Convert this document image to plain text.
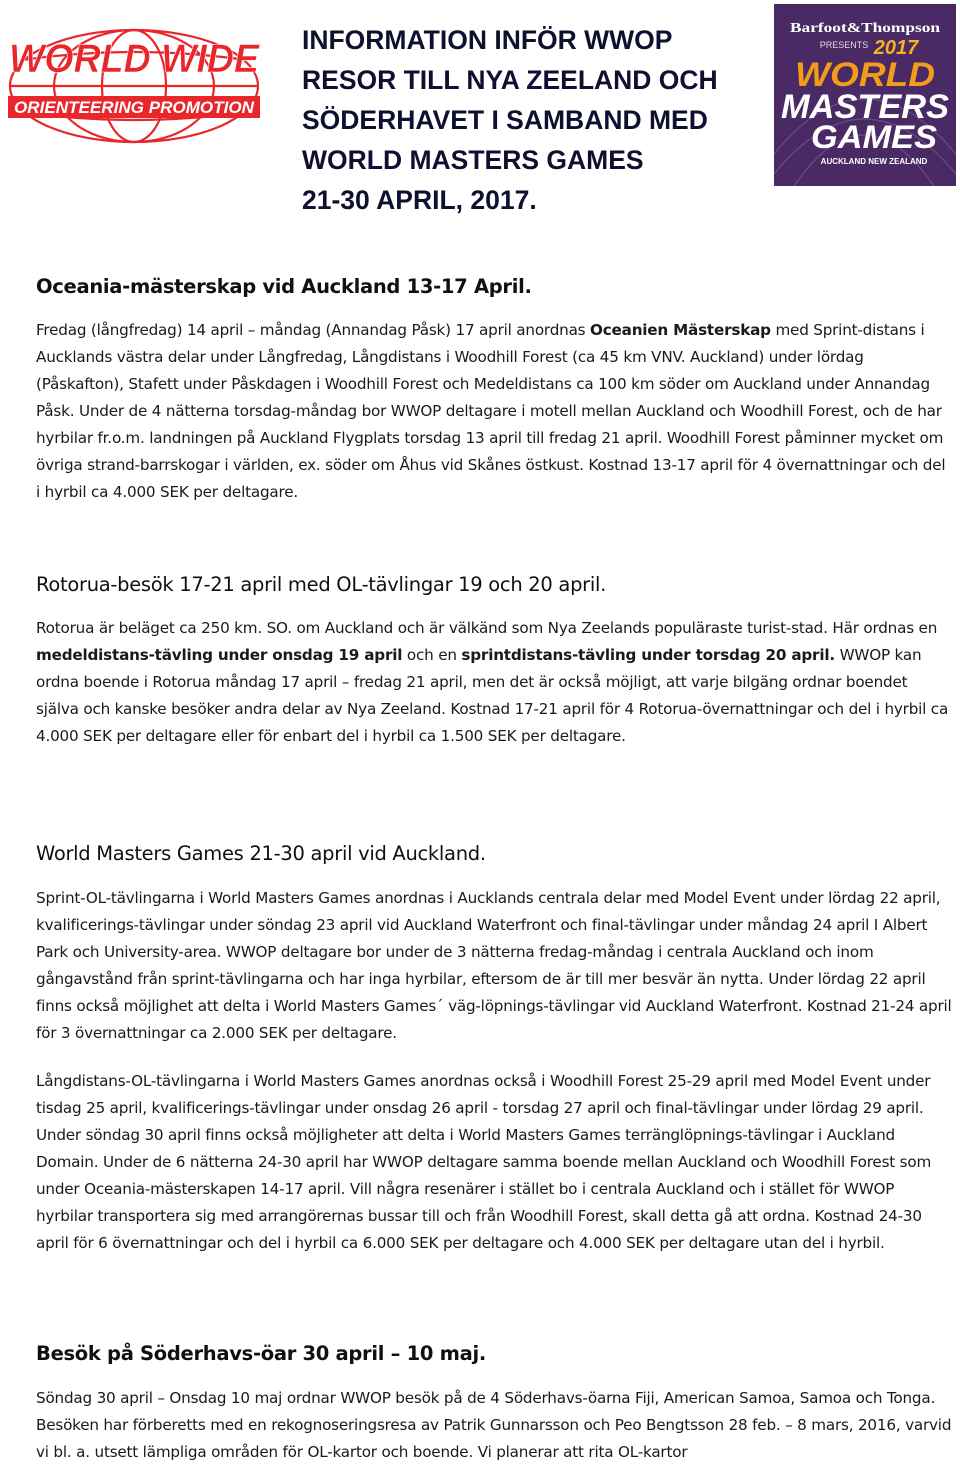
WORLD WIDE
ORIENTEERING PROMOTION
INFORMATION INFÖR WWOP
RESOR TILL NYA ZEELAND OCH
SÖDERHAVET I SAMBAND MED
WORLD MASTERS GAMES
21-30 APRIL, 2017.
Barfoot&Thompson
PRESENTS 2017
WORLD
MASTERS
GAMES
AUCKLAND NEW ZEALAND
Oceania-mästerskap vid Auckland 13-17 April.

Fredag (långfredag) 14 april – måndag (Annandag Påsk) 17 april anordnas Oceanien Mästerskap med Sprint-distans i Aucklands västra delar under Långfredag, Långdistans i Woodhill Forest (ca 45 km VNV. Auckland) under lördag (Påskafton), Stafett under Påskdagen i Woodhill Forest och Medeldistans ca 100 km söder om Auckland under Annandag Påsk. Under de 4 nätterna torsdag-måndag bor WWOP deltagare i motell mellan Auckland och Woodhill Forest, och de har hyrbilar fr.o.m. landningen på Auckland Flygplats torsdag 13 april till fredag 21 april. Woodhill Forest påminner mycket om övriga strand-barrskogar i världen, ex. söder om Åhus vid Skånes östkust. Kostnad 13-17 april för 4 övernattningar och del i hyrbil ca 4.000 SEK per deltagare.

Rotorua-besök 17-21 april med OL-tävlingar 19 och 20 april.

Rotorua är beläget ca 250 km. SO. om Auckland och är välkänd som Nya Zeelands populäraste turist-stad. Här ordnas en medeldistans-tävling under onsdag 19 april och en sprintdistans-tävling under torsdag 20 april. WWOP kan ordna boende i Rotorua måndag 17 april – fredag 21 april, men det är också möjligt, att varje bilgäng ordnar boendet själva och kanske besöker andra delar av Nya Zeeland. Kostnad 17-21 april för 4 Rotorua-övernattningar och del i hyrbil ca 4.000 SEK per deltagare eller för enbart del i hyrbil ca 1.500 SEK per deltagare.

World Masters Games 21-30 april vid Auckland.

Sprint-OL-tävlingarna i World Masters Games anordnas i Aucklands centrala delar med Model Event under lördag 22 april, kvalificerings-tävlingar under söndag 23 april vid Auckland Waterfront och final-tävlingar under måndag 24 april I Albert Park och University-area. WWOP deltagare bor under de 3 nätterna fredag-måndag i centrala Auckland och inom gångavstånd från sprint-tävlingarna och har inga hyrbilar, eftersom de är till mer besvär än nytta. Under lördag 22 april finns också möjlighet att delta i World Masters Games´ väg-löpnings-tävlingar vid Auckland Waterfront. Kostnad 21-24 april för 3 övernattningar ca 2.000 SEK per deltagare.

Långdistans-OL-tävlingarna i World Masters Games anordnas också i Woodhill Forest 25-29 april med Model Event under tisdag 25 april, kvalificerings-tävlingar under onsdag 26 april - torsdag 27 april och final-tävlingar under lördag 29 april. Under söndag 30 april finns också möjligheter att delta i World Masters Games terränglöpnings-tävlingar i Auckland Domain. Under de 6 nätterna 24-30 april har WWOP deltagare samma boende mellan Auckland och Woodhill Forest som under Oceania-mästerskapen 14-17 april. Vill några resenärer i stället bo i centrala Auckland och i stället för WWOP hyrbilar transportera sig med arrangörernas bussar till och från Woodhill Forest, skall detta gå att ordna. Kostnad 24-30 april för 6 övernattningar och del i hyrbil ca 6.000 SEK per deltagare och 4.000 SEK per deltagare utan del i hyrbil.

Besök på Söderhavs-öar 30 april – 10 maj.

Söndag 30 april – Onsdag 10 maj ordnar WWOP besök på de 4 Söderhavs-öarna Fiji, American Samoa, Samoa och Tonga. Besöken har förberetts med en rekognoseringsresa av Patrik Gunnarsson och Peo Bengtsson 28 feb. – 8 mars, 2016, varvid vi bl. a. utsett lämpliga områden för OL-kartor och boende. Vi planerar att rita OL-kartor
